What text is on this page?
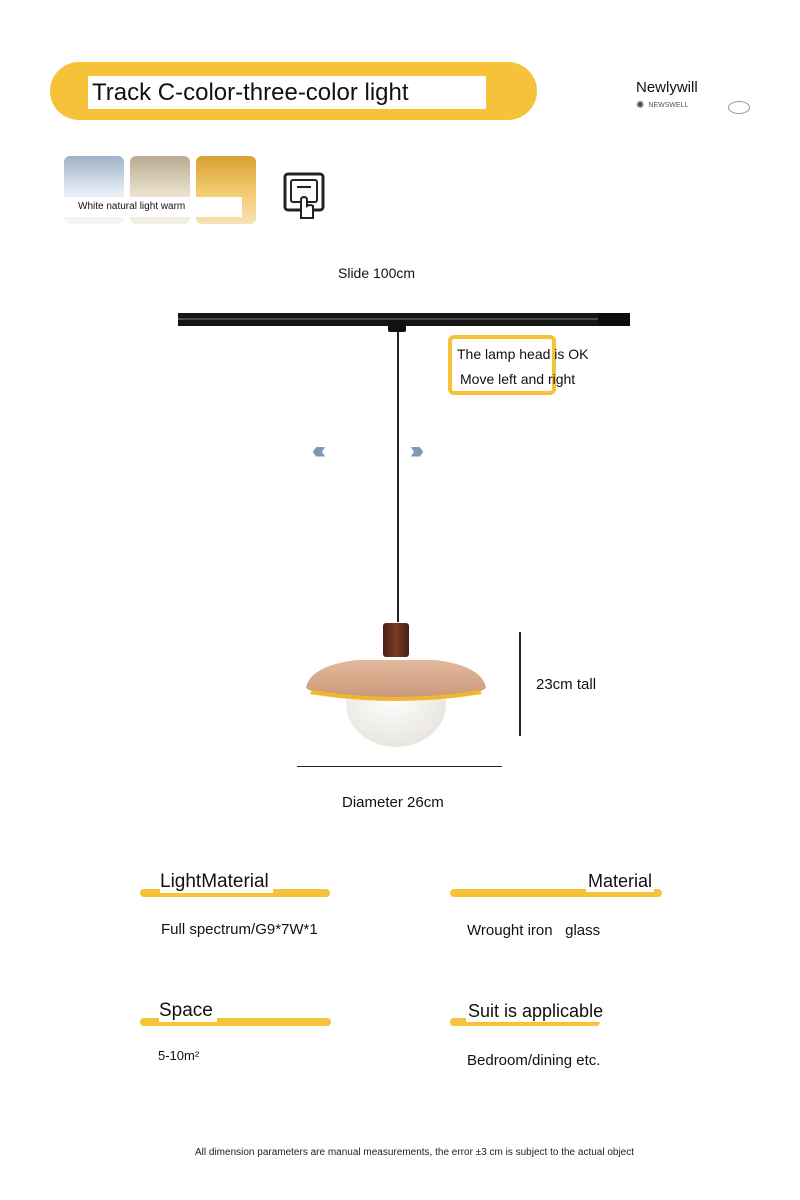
Track C-color-three-color light	Newlywill
✺ NEWSWELL
White natural light warm
Slide 100cm
The lamp head is OK
Move left and right
‹‹‹‹	››››
23cm tall
Diameter 26cm
LightMaterial
Full spectrum/G9*7W*1
Material
Wrought iron   glass
Space
5-10m²
Suit is applicable
Bedroom/dining etc.
All dimension parameters are manual measurements, the error ±3 cm is subject to the actual object
